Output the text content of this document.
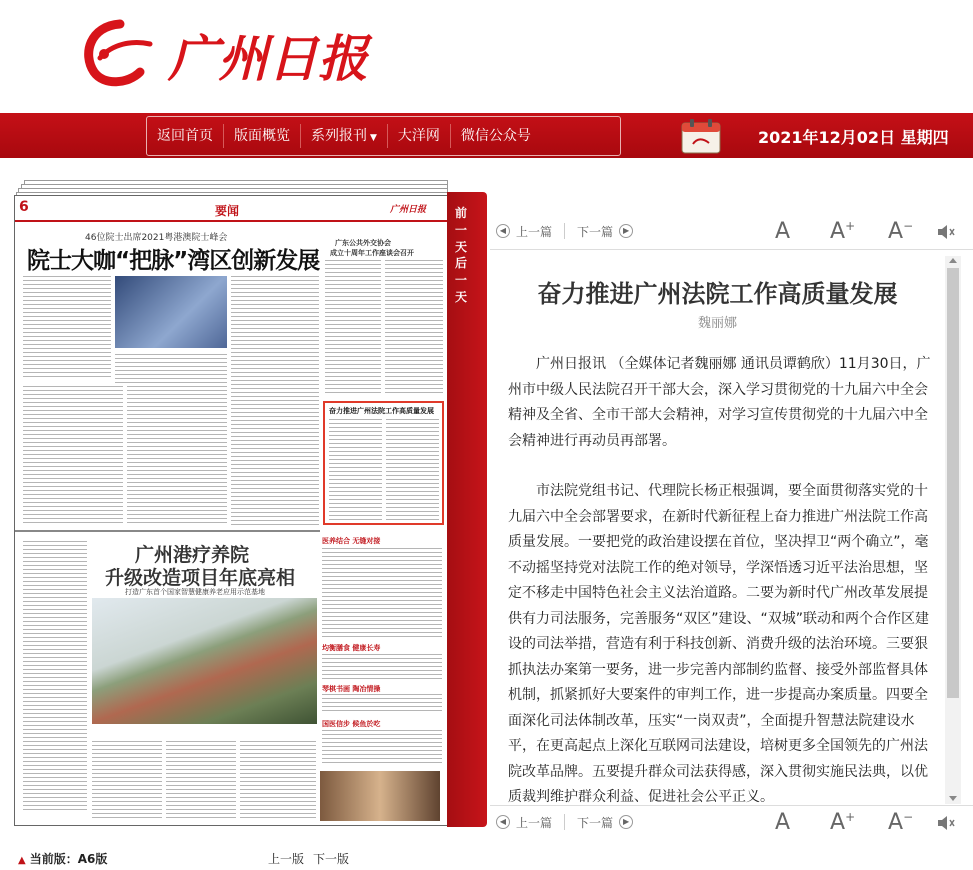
广州日报
返回首页	版面概览	系列报刊 ▼	大洋网	微信公众号	2021年12月02日 星期四
6	要闻	广州日报
46位院士出席2021粤港澳院士峰会
院士大咖“把脉”湾区创新发展
广东公共外交协会
成立十周年工作座谈会召开
奋力推进广州法院工作高质量发展
广州港疗养院
升级改造项目年底亮相
打造广东首个国家智慧健康养老应用示范基地
医养结合 无缝对接
均衡膳食 健康长寿
琴棋书画 陶冶情操
国医信步 候鱼於吃
前
一
天
后
一
天
◀ 上一篇 下一篇	▶	A A+ A−
奋力推进广州法院工作高质量发展
魏丽娜

广州日报讯 （全媒体记者魏丽娜 通讯员谭鹤欣）11月30日，广州市中级人民法院召开干部大会，深入学习贯彻党的十九届六中全会精神及全省、全市干部大会精神，对学习宣传贯彻党的十九届六中全会精神进行再动员再部署。

市法院党组书记、代理院长杨正根强调，要全面贯彻落实党的十九届六中全会部署要求，在新时代新征程上奋力推进广州法院工作高质量发展。一要把党的政治建设摆在首位，坚决捍卫“两个确立”，毫不动摇坚持党对法院工作的绝对领导，学深悟透习近平法治思想，坚定不移走中国特色社会主义法治道路。二要为新时代广州改革发展提供有力司法服务，完善服务“双区”建设、“双城”联动和两个合作区建设的司法举措，营造有利于科技创新、消费升级的法治环境。三要狠抓执法办案第一要务，进一步完善内部制约监督、接受外部监督具体机制，抓紧抓好大要案件的审判工作，进一步提高办案质量。四要全面深化司法体制改革，压实“一岗双责”，全面提升智慧法院建设水平，在更高起点上深化互联网司法建设，培树更多全国领先的广州法院改革品牌。五要提升群众司法获得感，深入贯彻实施民法典，以优质裁判维护群众利益、促进社会公平正义。

◀ 上一篇 下一篇	▶	A A+ A−
▲ 当前版：A6版	上一版 下一版
